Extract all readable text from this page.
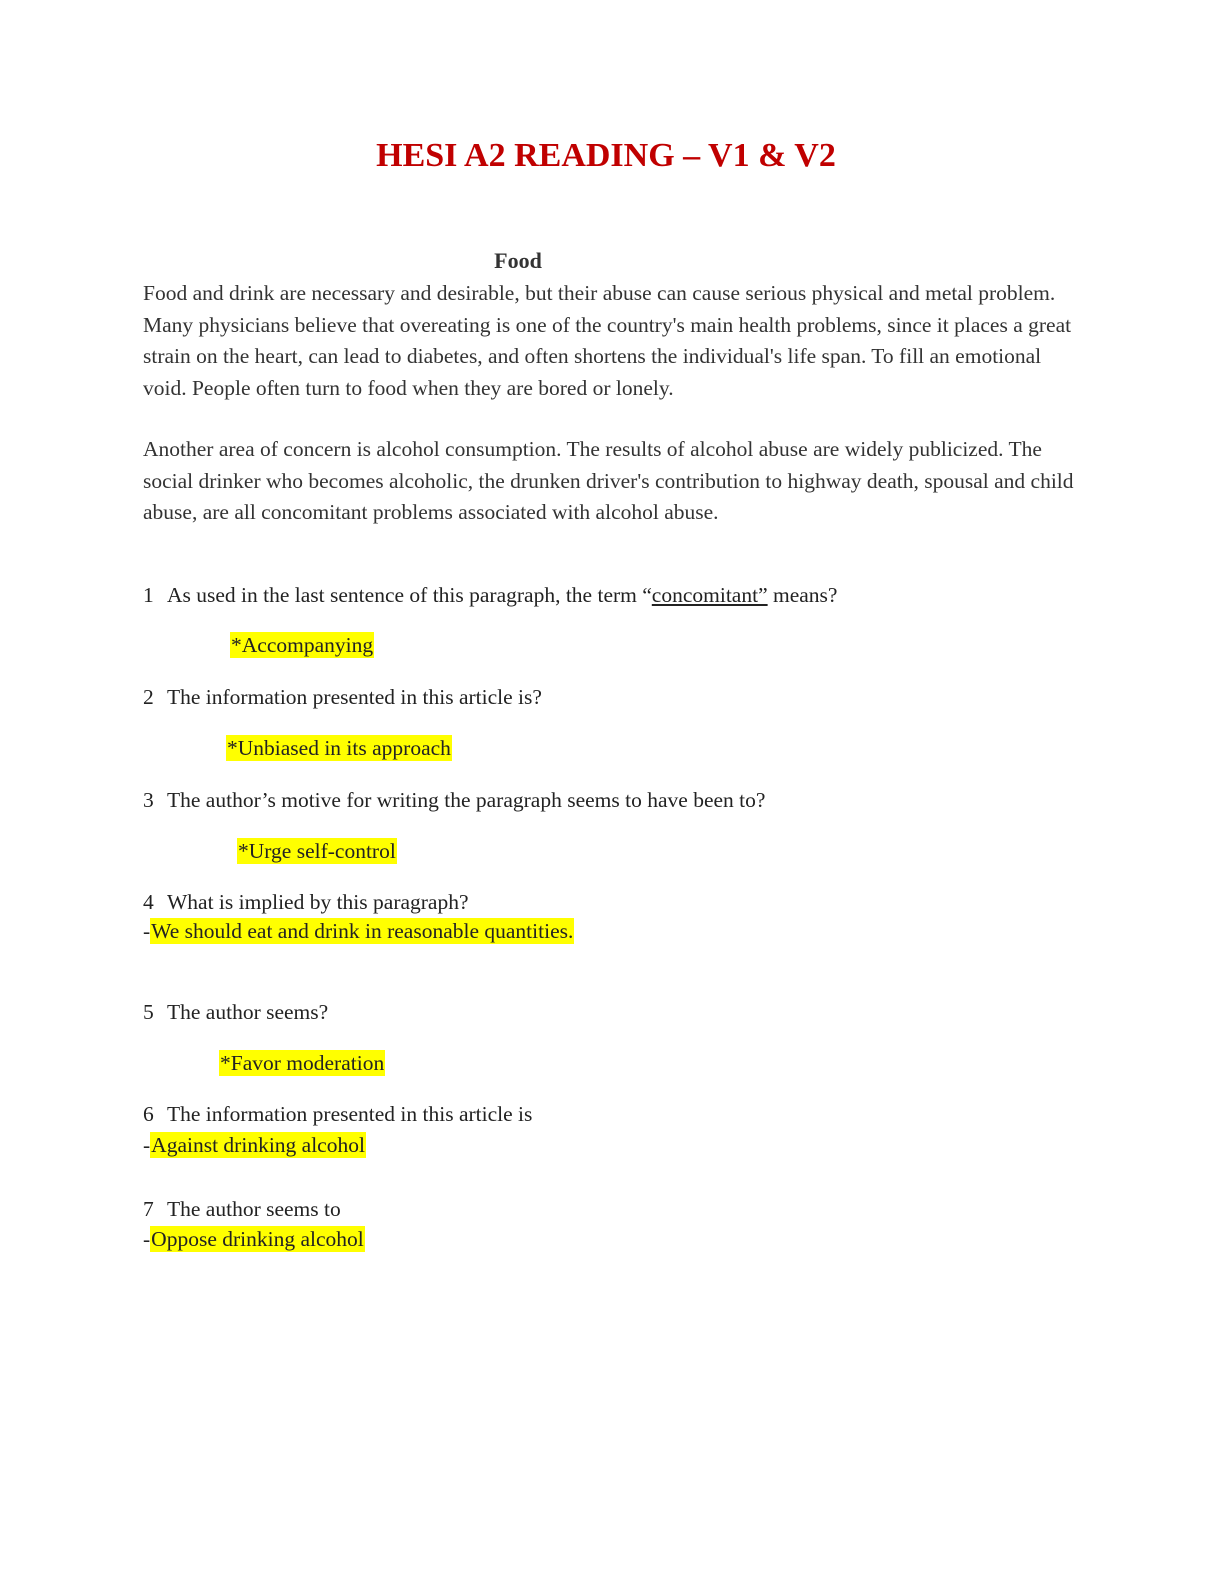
HESI A2 READING – V1 & V2
Food

Food and drink are necessary and desirable, but their abuse can cause serious physical and metal problem. Many physicians believe that overeating is one of the country's main health problems, since it places a great strain on the heart, can lead to diabetes, and often shortens the individual's life span. To fill an emotional void. People often turn to food when they are bored or lonely.

Another area of concern is alcohol consumption. The results of alcohol abuse are widely publicized. The social drinker who becomes alcoholic, the drunken driver's contribution to highway death, spousal and child abuse, are all concomitant problems associated with alcohol abuse.

1 As used in the last sentence of this paragraph, the term “concomitant” means?

*Accompanying

2 The information presented in this article is?

*Unbiased in its approach

3 The author’s motive for writing the paragraph seems to have been to?

*Urge self-control

4 What is implied by this paragraph?

-We should eat and drink in reasonable quantities.

5 The author seems?

*Favor moderation

6 The information presented in this article is

-Against drinking alcohol

7 The author seems to

-Oppose drinking alcohol
